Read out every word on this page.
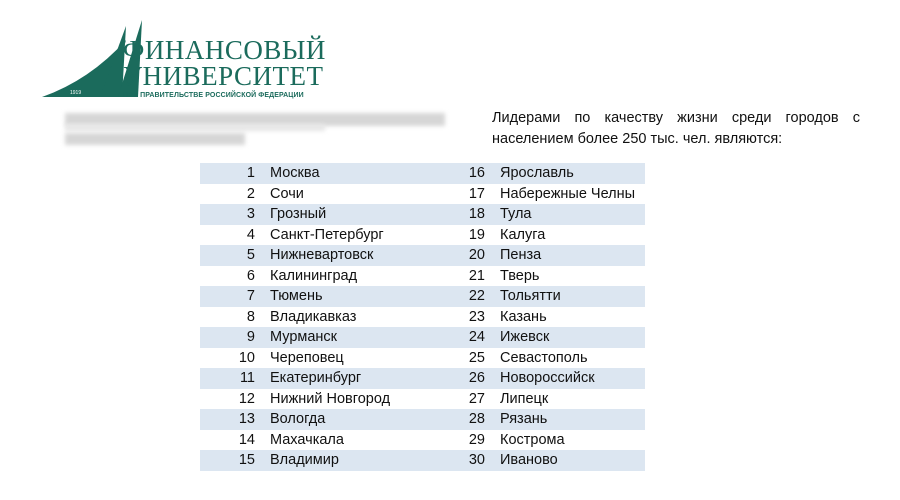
1919
ФИНАНСОВЫЙ
УНИВЕРСИТЕТ
ПРИ ПРАВИТЕЛЬСТВЕ РОССИЙСКОЙ ФЕДЕРАЦИИ
Лидерами по качеству жизни среди городов с населением более 250 тыс. чел. являются:
1	Москва	16	Ярославль
2	Сочи	17	Набережные Челны
3	Грозный	18	Тула
4	Санкт-Петербург	19	Калуга
5	Нижневартовск	20	Пенза
6	Калининград	21	Тверь
7	Тюмень	22	Тольятти
8	Владикавказ	23	Казань
9	Мурманск	24	Ижевск
10	Череповец	25	Севастополь
11	Екатеринбург	26	Новороссийск
12	Нижний Новгород	27	Липецк
13	Вологда	28	Рязань
14	Махачкала	29	Кострома
15	Владимир	30	Иваново
